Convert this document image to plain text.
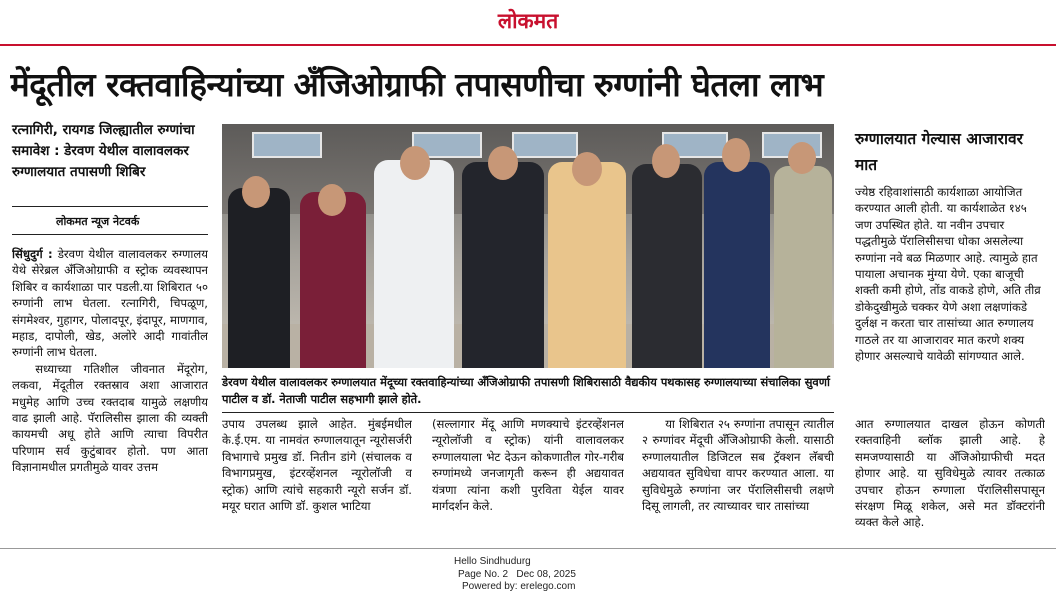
लोकमत
मेंदूतील रक्तवाहिन्यांच्या अँजिओग्राफी तपासणीचा रुग्णांनी घेतला लाभ
रत्नागिरी, रायगड जिल्ह्यातील रुग्णांचा समावेश : डेरवण येथील वालावलकर रुग्णालयात तपासणी शिबिर
लोकमत न्यूज नेटवर्क
सिंधुदुर्ग : डेरवण येथील वालावलकर रुग्णालय येथे सेरेब्रल अँजिओग्राफी व स्ट्रोक व्यवस्थापन शिबिर व कार्यशाळा पार पडली.या शिबिरात ५० रुग्णांनी लाभ घेतला. रत्नागिरी, चिपळूण, संगमेश्वर, गुहागर, पोलादपूर, इंदापूर, माणगाव, महाड, दापोली, खेड, अलोरे आदी गावांतील रुग्णांनी लाभ घेतला.
सध्याच्या गतिशील जीवनात मेंदूरोग, लकवा, मेंदूतील रक्तस्राव अशा आजारात मधुमेह आणि उच्च रक्तदाब यामुळे लक्षणीय वाढ झाली आहे. पॅरालिसीस झाला की व्यक्ती कायमची अधू होते आणि त्याचा विपरीत परिणाम सर्व कुटुंबावर होतो. पण आता विज्ञानामधील प्रगतीमुळे यावर उत्तम
डेरवण येथील वालावलकर रुग्णालयात मेंदूच्या रक्तवाहिन्यांच्या अँजिओग्राफी तपासणी शिबिरासाठी वैद्यकीय पथकासह रुग्णालयाच्या संचालिका सुवर्णा पाटील व डॉ. नेताजी पाटील सहभागी झाले होते.
उपाय उपलब्ध झाले आहेत. मुंबईमधील के.ई.एम. या नामवंत रुग्णालयातून न्यूरोसर्जरी विभागाचे प्रमुख डॉ. नितीन डांगे (संचालक व विभागप्रमुख, इंटरव्हेंशनल न्यूरोलॉजी व स्ट्रोक) आणि त्यांचे सहकारी न्यूरो सर्जन डॉ. मयूर घरात आणि डॉ. कुशल भाटिया
(सल्लागार मेंदू आणि मणक्याचे इंटरव्हेंशनल न्यूरोलॉजी व स्ट्रोक) यांनी वालावलकर रुग्णालयाला भेट देऊन कोकणातील गोर-गरीब रुग्णांमध्ये जनजागृती करून ही अद्ययावत यंत्रणा त्यांना कशी पुरविता येईल यावर मार्गदर्शन केले.
या शिबिरात २५ रुग्णांना तपासून त्यातील २ रुग्णांवर मेंदूची अँजिओग्राफी केली. यासाठी रुग्णालयातील डिजिटल सब ट्रॅक्शन लॅबची अद्ययावत सुविधेचा वापर करण्यात आला. या सुविधेमुळे रुग्णांना जर पॅरालिसीसची लक्षणे दिसू लागली, तर त्याच्यावर चार तासांच्या
रुग्णालयात गेल्यास आजारावर मात
ज्येष्ठ रहिवाशांसाठी कार्यशाळा आयोजित करण्यात आली होती. या कार्यशाळेत १४५ जण उपस्थित होते. या नवीन उपचार पद्धतीमुळे पॅरालिसीसचा धोका असलेल्या रुग्णांना नवे बळ मिळणार आहे. त्यामुळे हात पायाला अचानक मुंग्या येणे. एका बाजूची शक्ती कमी होणे, तोंड वाकडे होणे, अति तीव्र डोकेदुखीमुळे चक्कर येणे अशा लक्षणांकडे दुर्लक्ष न करता चार तासांच्या आत रुग्णालय गाठले तर या आजारावर मात करणे शक्य होणार असल्याचे यावेळी सांगण्यात आले.
आत रुग्णालयात दाखल होऊन कोणती रक्तवाहिनी ब्लॉक झाली आहे. हे समजण्यासाठी या अँजिओग्राफीची मदत होणार आहे. या सुविधेमुळे त्यावर तत्काळ उपचार होऊन रुग्णाला पॅरालिसीसपासून संरक्षण मिळू शकेल, असे मत डॉक्टरांनी व्यक्त केले आहे.
Hello Sindhudurg
Page No. 2 Dec 08, 2025
Powered by: erelego.com
